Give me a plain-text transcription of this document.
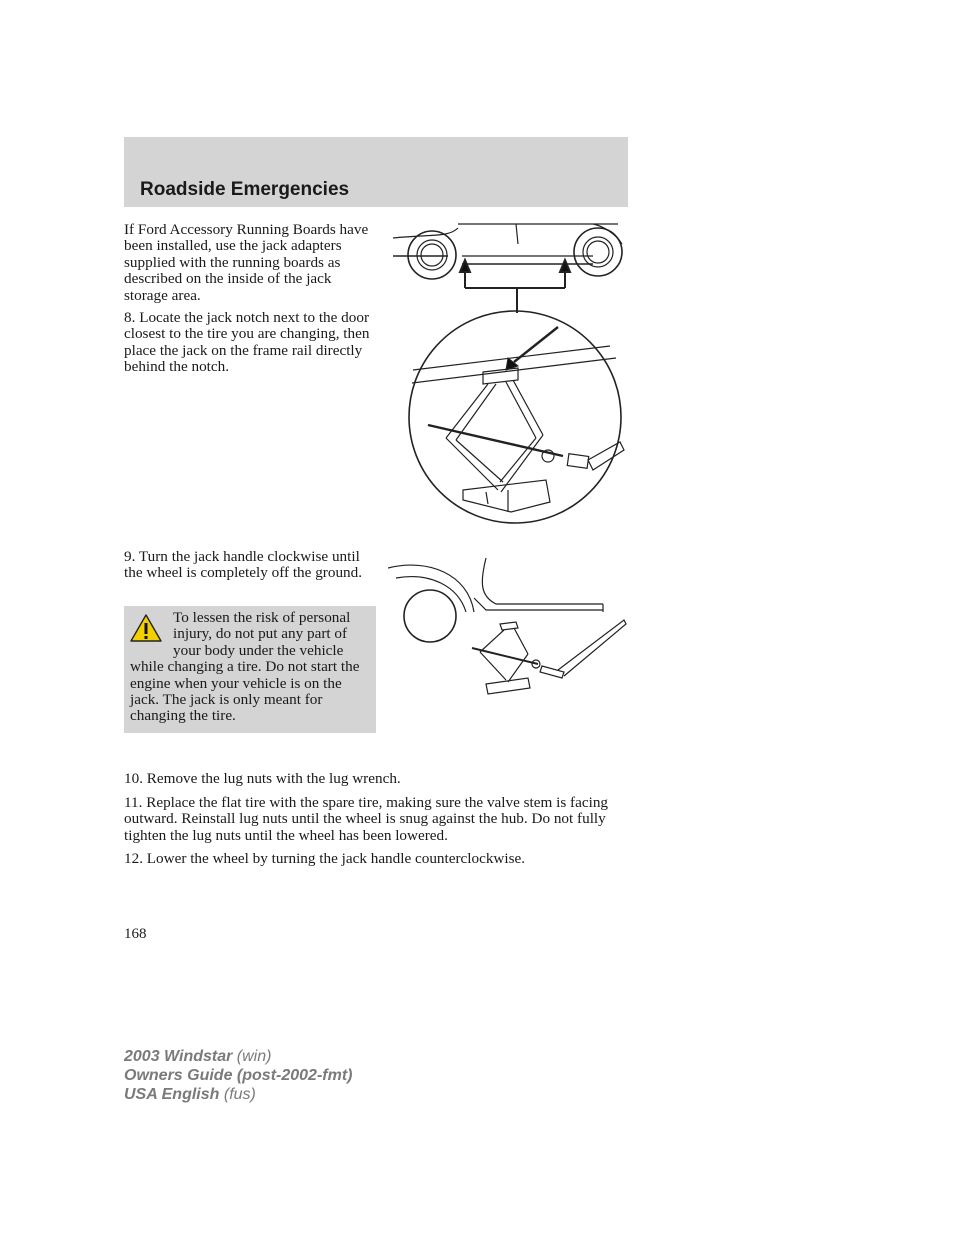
Roadside Emergencies

If Ford Accessory Running Boards have been installed, use the jack adapters supplied with the running boards as described on the inside of the jack storage area.

8. Locate the jack notch next to the door closest to the tire you are changing, then place the jack on the frame rail directly behind the notch.

9. Turn the jack handle clockwise until the wheel is completely off the ground.

To lessen the risk of personal injury, do not put any part of your body under the vehicle while changing a tire. Do not start the engine when your vehicle is on the jack. The jack is only meant for changing the tire.

10. Remove the lug nuts with the lug wrench.

11. Replace the flat tire with the spare tire, making sure the valve stem is facing outward. Reinstall lug nuts until the wheel is snug against the hub. Do not fully tighten the lug nuts until the wheel has been lowered.

12. Lower the wheel by turning the jack handle counterclockwise.

168

2003 Windstar (win)
Owners Guide (post-2002-fmt)
USA English (fus)
